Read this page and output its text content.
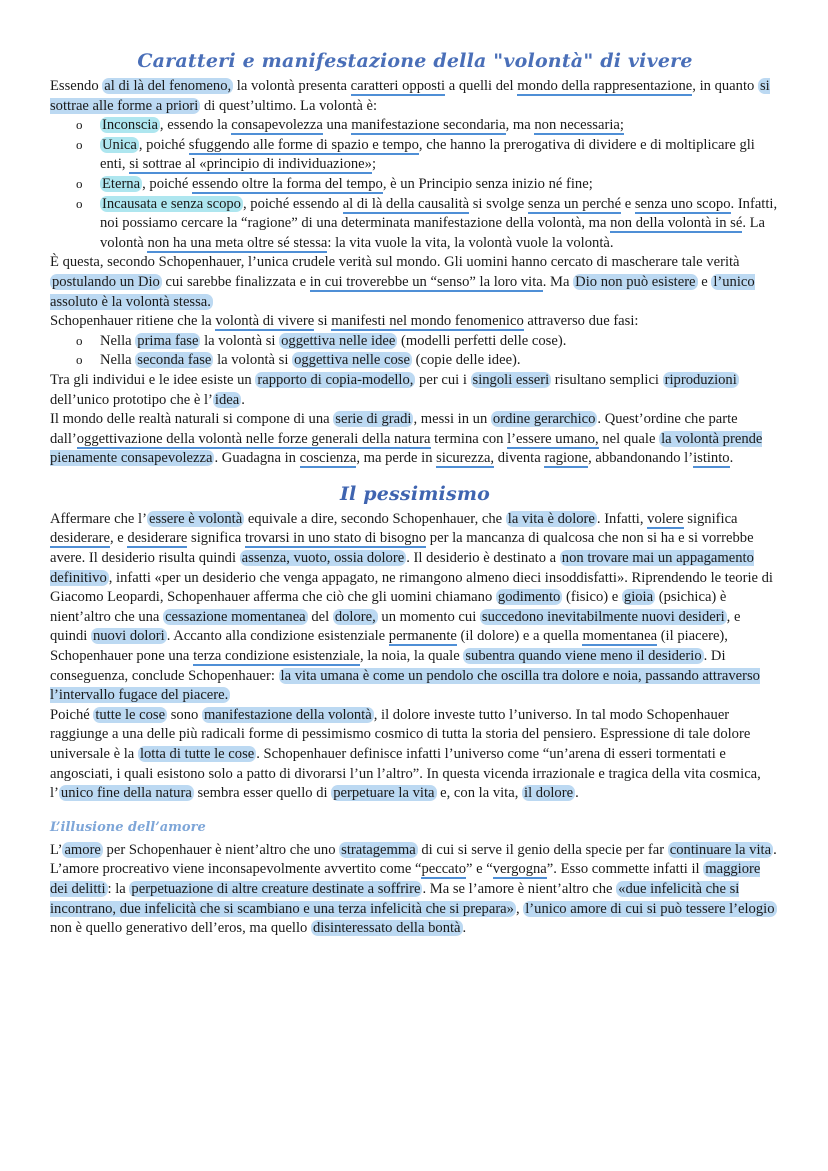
Caratteri e manifestazione della "volontà" di vivere

Essendo al di là del fenomeno, la volontà presenta caratteri opposti a quelli del mondo della rappresentazione, in quanto si sottrae alle forme a priori di quest’ultimo. La volontà è:

o Inconscia , essendo la consapevolezza una manifestazione secondaria, ma non necessaria;
o Unica , poiché sfuggendo alle forme di spazio e tempo, che hanno la prerogativa di dividere e di moltiplicare gli enti, si sottrae al «principio di individuazione»;
o Eterna , poiché essendo oltre la forma del tempo, è un Principio senza inizio né fine;
o Incausata e senza scopo , poiché essendo al di là della causalità si svolge senza un perché e senza uno scopo. Infatti, noi possiamo cercare la “ragione” di una determinata manifestazione della volontà, ma non della volontà in sé. La volontà non ha una meta oltre sé stessa: la vita vuole la vita, la volontà vuole la volontà.

È questa, secondo Schopenhauer, l’unica crudele verità sul mondo. Gli uomini hanno cercato di mascherare tale verità postulando un Dio cui sarebbe finalizzata e in cui troverebbe un “senso” la loro vita. Ma Dio non può esistere e l’unico assoluto è la volontà stessa.

Schopenhauer ritiene che la volontà di vivere si manifesti nel mondo fenomenico attraverso due fasi:

o Nella prima fase la volontà si oggettiva nelle idee (modelli perfetti delle cose).
o Nella seconda fase la volontà si oggettiva nelle cose (copie delle idee).

Tra gli individui e le idee esiste un rapporto di copia-modello, per cui i singoli esseri risultano semplici riproduzioni dell’unico prototipo che è l’ idea .

Il mondo delle realtà naturali si compone di una serie di gradi , messi in un ordine gerarchico . Quest’ordine che parte dall’oggettivazione della volontà nelle forze generali della natura termina con l’essere umano, nel quale la volontà prende pienamente consapevolezza . Guadagna in coscienza, ma perde in sicurezza, diventa ragione, abbandonando l’istinto.

Il pessimismo

Affermare che l’ essere è volontà equivale a dire, secondo Schopenhauer, che la vita è dolore . Infatti, volere significa desiderare, e desiderare significa trovarsi in uno stato di bisogno per la mancanza di qualcosa che non si ha e si vorrebbe avere. Il desiderio risulta quindi assenza, vuoto, ossia dolore . Il desiderio è destinato a non trovare mai un appagamento definitivo , infatti «per un desiderio che venga appagato, ne rimangono almeno dieci insoddisfatti». Riprendendo le teorie di Giacomo Leopardi, Schopenhauer afferma che ciò che gli uomini chiamano godimento (fisico) e gioia (psichica) è nient’altro che una cessazione momentanea del dolore, un momento cui succedono inevitabilmente nuovi desideri , e quindi nuovi dolori . Accanto alla condizione esistenziale permanente (il dolore) e a quella momentanea (il piacere), Schopenhauer pone una terza condizione esistenziale, la noia, la quale subentra quando viene meno il desiderio . Di conseguenza, conclude Schopenhauer: la vita umana è come un pendolo che oscilla tra dolore e noia, passando attraverso l’intervallo fugace del piacere.

Poiché tutte le cose sono manifestazione della volontà , il dolore investe tutto l’universo. In tal modo Schopenhauer raggiunge a una delle più radicali forme di pessimismo cosmico di tutta la storia del pensiero. Espressione di tale dolore universale è la lotta di tutte le cose . Schopenhauer definisce infatti l’universo come “un’arena di esseri tormentati e angosciati, i quali esistono solo a patto di divorarsi l’un l’altro”. In questa vicenda irrazionale e tragica della vita cosmica, l’ unico fine della natura sembra esser quello di perpetuare la vita e, con la vita, il dolore .

L’illusione dell’amore

L’ amore per Schopenhauer è nient’altro che uno stratagemma di cui si serve il genio della specie per far continuare la vita . L’amore procreativo viene inconsapevolmente avvertito come “peccato” e “vergogna”. Esso commette infatti il maggiore dei delitti : la perpetuazione di altre creature destinate a soffrire . Ma se l’amore è nient’altro che «due infelicità che si incontrano, due infelicità che si scambiano e una terza infelicità che si prepara» , l’unico amore di cui si può tessere l’elogio non è quello generativo dell’eros, ma quello disinteressato della bontà .
